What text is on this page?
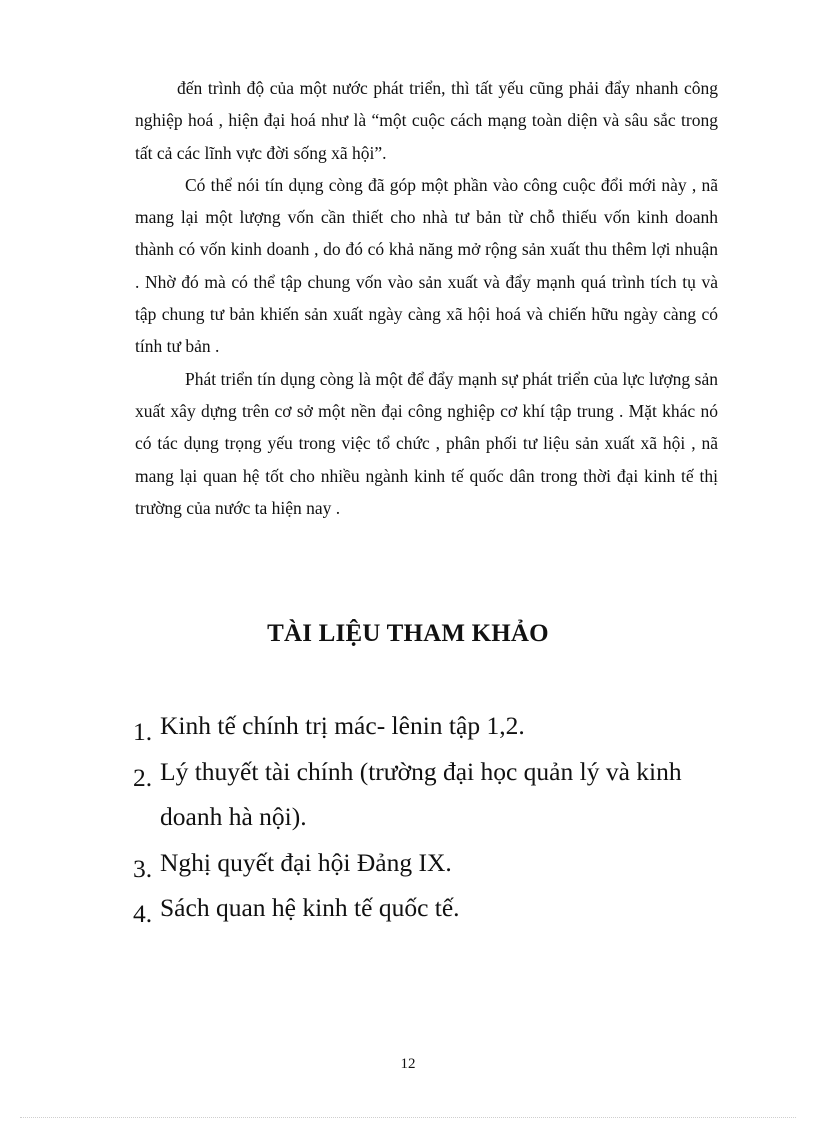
đến trình độ của một nước phát triển, thì tất yếu cũng phải đẩy nhanh công nghiệp hoá , hiện đại hoá như là “một cuộc cách mạng toàn diện và sâu sắc trong tất cả các lĩnh vực đời sống xã hội”.

Có thể nói tín dụng còng đã góp một phần vào công cuộc đổi mới này , nã mang lại một lượng vốn cần thiết cho nhà tư bản từ chỗ thiếu vốn kinh doanh thành có vốn kinh doanh , do đó có khả năng mở rộng sản xuất thu thêm lợi nhuận . Nhờ đó mà có thể tập chung vốn vào sản xuất và đẩy mạnh quá trình tích tụ và tập chung tư bản khiến sản xuất ngày càng xã hội hoá và chiến hữu ngày càng có tính tư bản .

Phát triển tín dụng còng là một để đẩy mạnh sự phát triển của lực lượng sản xuất xây dựng trên cơ sở một nền đại công nghiệp cơ khí tập trung . Mặt khác nó có tác dụng trọng yếu trong việc tổ chức , phân phối tư liệu sản xuất xã hội , nã mang lại quan hệ tốt cho nhiều ngành kinh tế quốc dân trong thời đại kinh tế thị trường của nước ta hiện nay .

TÀI LIỆU THAM KHẢO
1. Kinh tế chính trị mác- lênin tập 1,2.
2. Lý thuyết tài chính (trường đại học quản lý và kinh doanh hà nội).
3. Nghị quyết đại hội Đảng IX.
4. Sách quan hệ kinh tế quốc tế.
12
